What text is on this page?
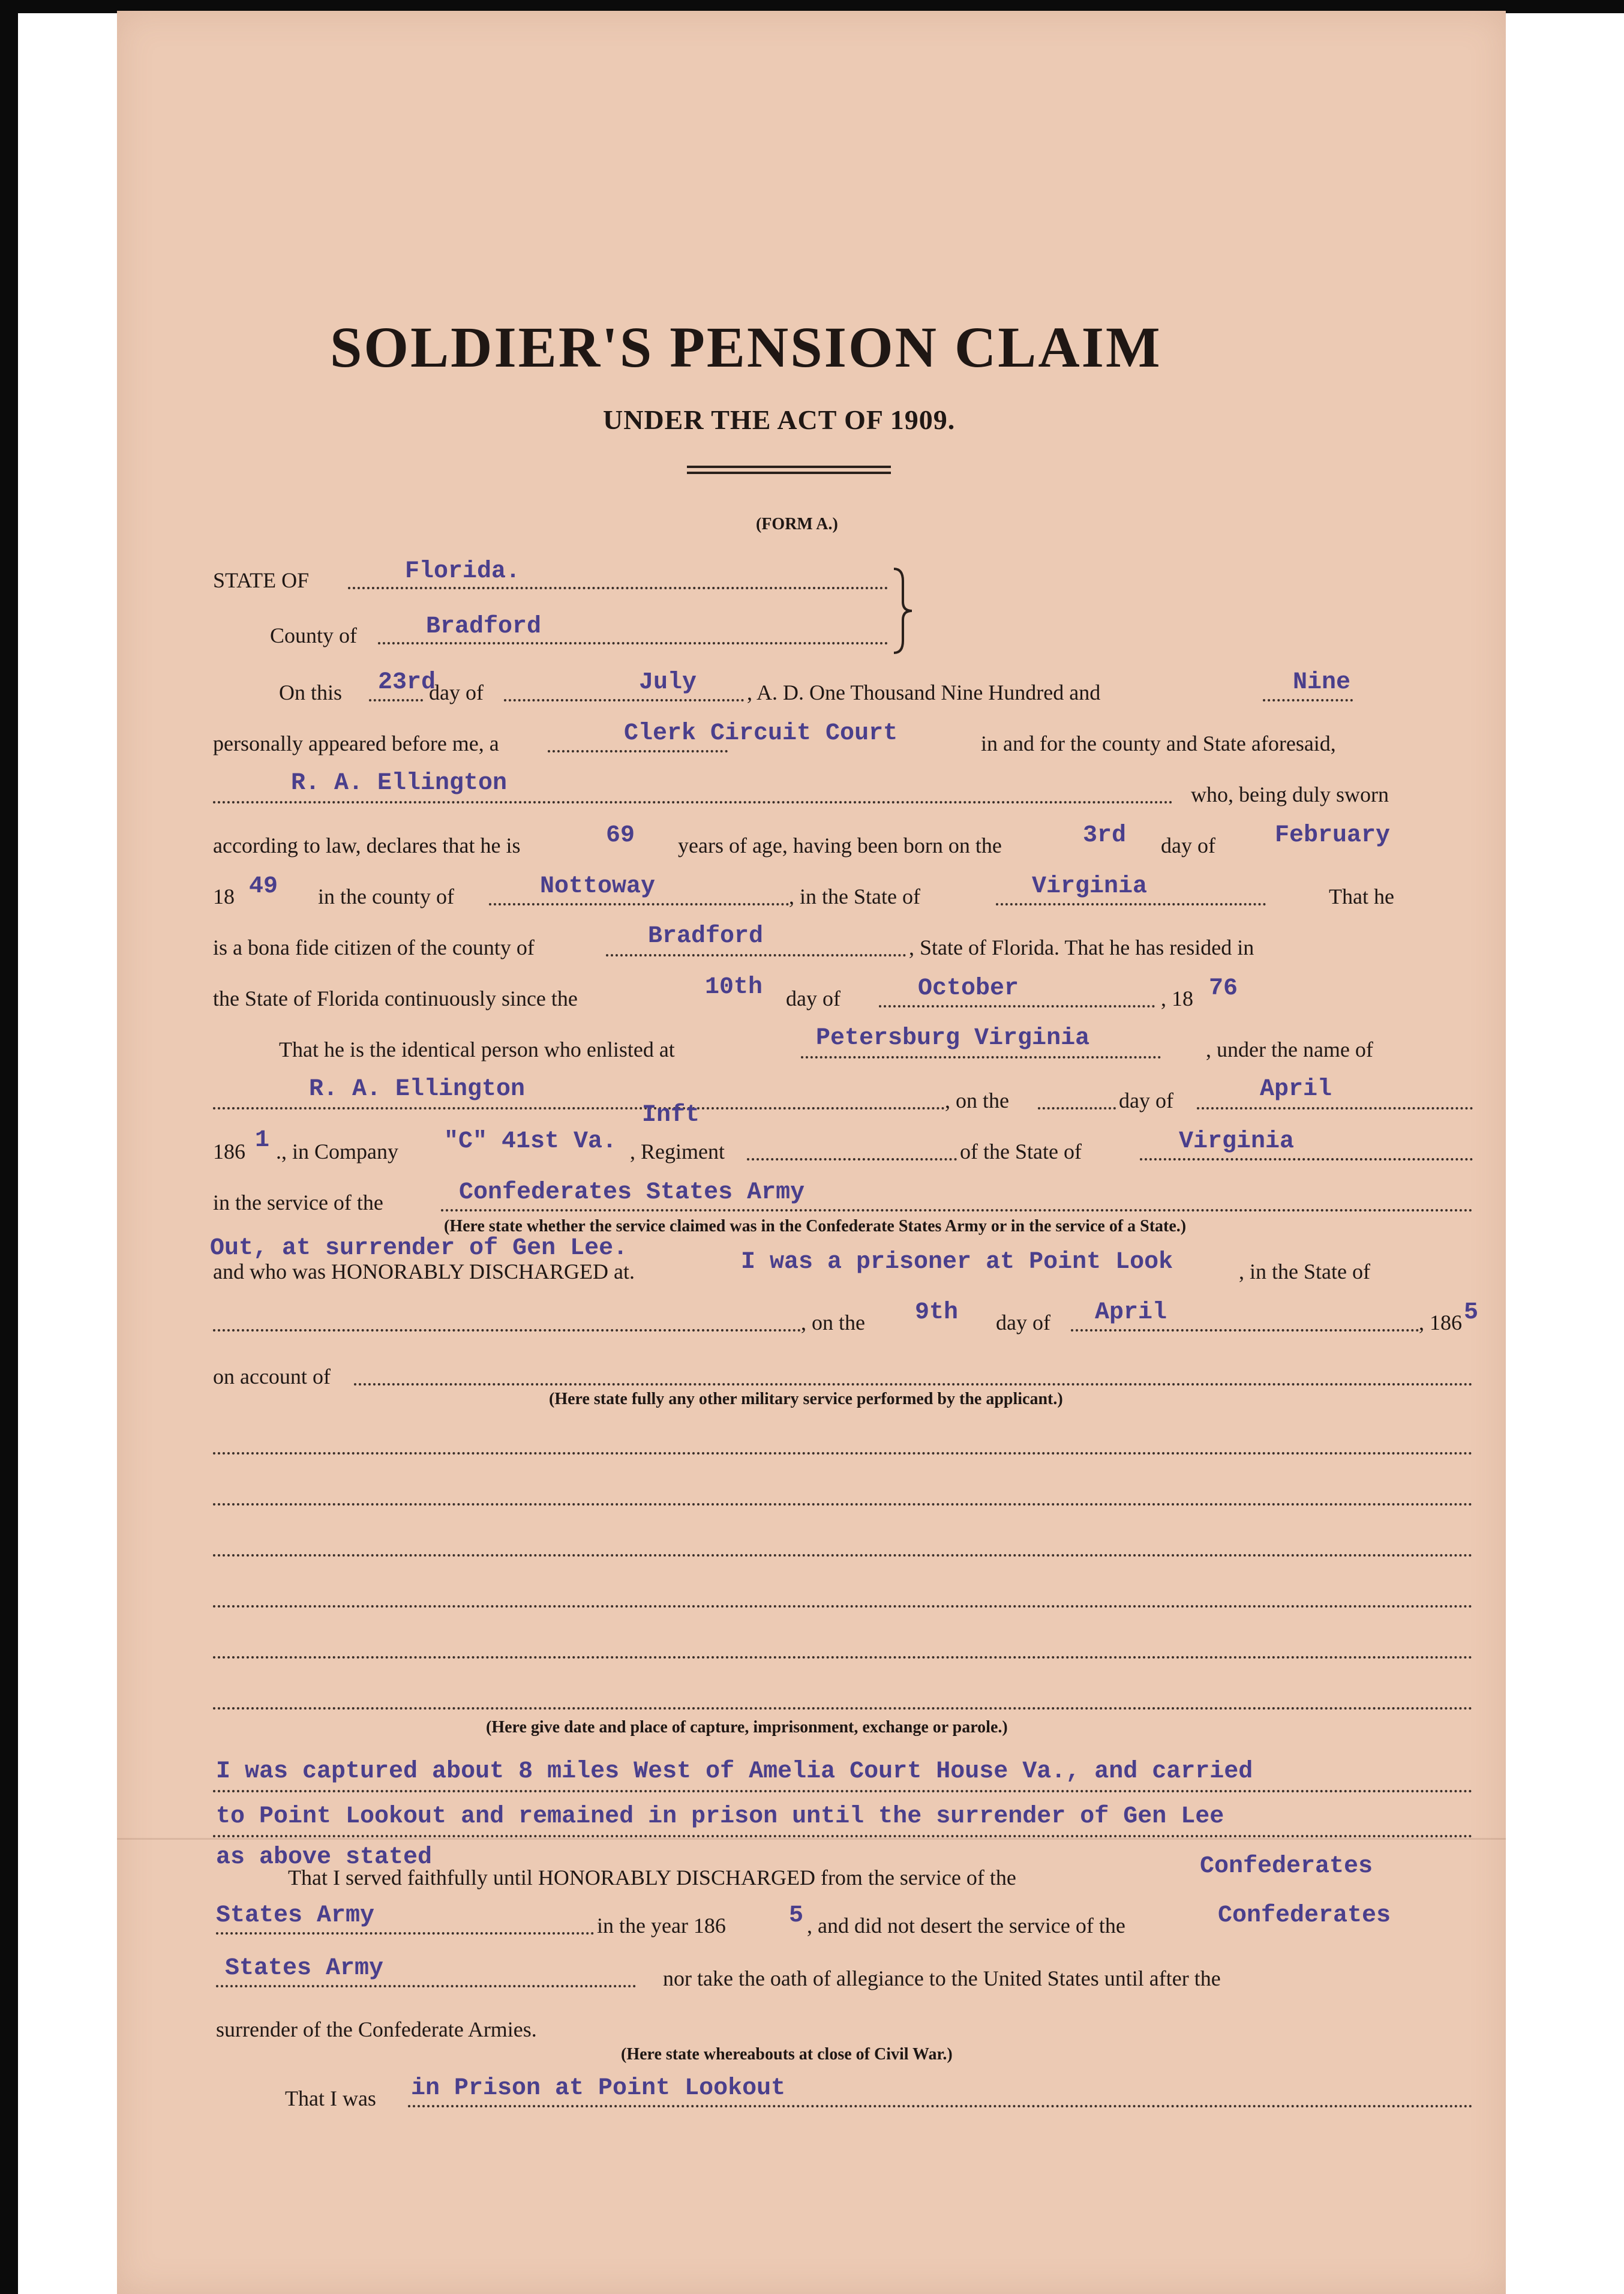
SOLDIER'S PENSION CLAIM
UNDER THE ACT OF 1909.
(FORM A.)
STATE OF	Florida.
County of	Bradford
On this 23rd
day of	July , A. D. One Thousand Nine Hundred and	Nine
personally appeared before me, a	Clerk Circuit Court	in and for the county and State aforesaid,
R. A. Ellington	who, being duly sworn
according to law, declares that he is	69 years of age, having been born on the	3rd day of February
18 49 in the county of	Nottoway	, in the State of	Virginia	That he
is a bona fide citizen of the county of	Bradford	, State of Florida. That he has resided in
the State of Florida continuously since the	10th day of	October	, 18 76
That he is the identical person who enlisted at	Petersburg Virginia	, under the name of
R. A. Ellington	, on the	day of	April
186 1 ., in Company "C" 41st Va.
Inft
, Regiment	of the State of	Virginia
in the service of the	Confederates States Army
(Here state whether the service claimed was in the Confederate States Army or in the service of a State.)
Out, at surrender of Gen Lee.
and who was HONORABLY DISCHARGED at.	I was a prisoner at Point Look	, in the State of
, on the 9th day of April	, 186 5
on account of
(Here state fully any other military service performed by the applicant.)
(Here give date and place of capture, imprisonment, exchange or parole.)
I was captured about 8 miles West of Amelia Court House Va., and carried
to Point Lookout and remained in prison until the surrender of Gen Lee
as above stated
That I served faithfully until HONORABLY DISCHARGED from the service of the	Confederates
States Army	in the year 186	5 , and did not desert the service of the	Confederates
States Army	nor take the oath of allegiance to the United States until after the
surrender of the Confederate Armies.
(Here state whereabouts at close of Civil War.)
That I was in Prison at Point Lookout
